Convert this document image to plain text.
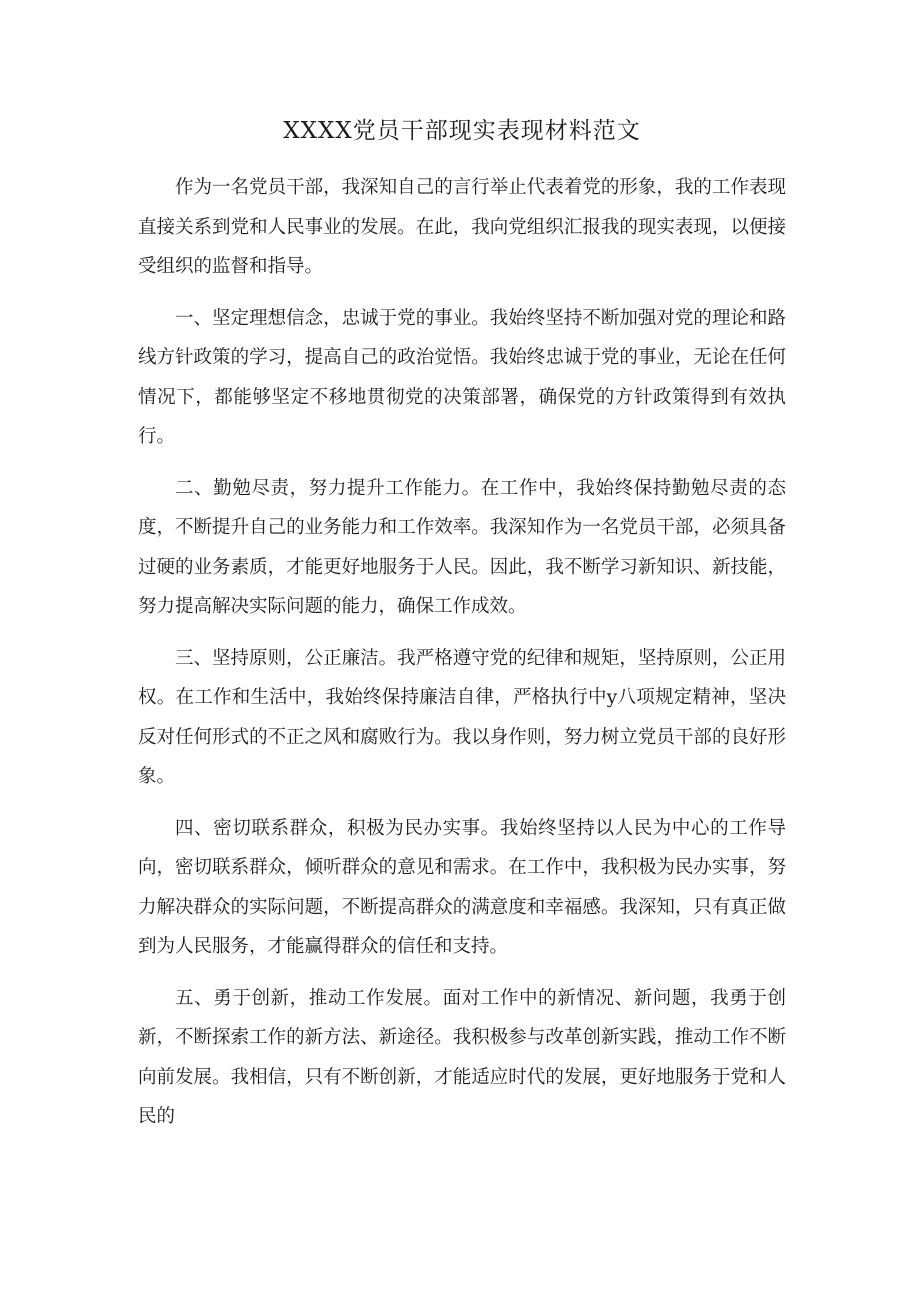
XXXX党员干部现实表现材料范文

作为一名党员干部，我深知自己的言行举止代表着党的形象，我的工作表现直接关系到党和人民事业的发展。在此，我向党组织汇报我的现实表现，以便接受组织的监督和指导。

一、坚定理想信念，忠诚于党的事业。我始终坚持不断加强对党的理论和路线方针政策的学习，提高自己的政治觉悟。我始终忠诚于党的事业，无论在任何情况下，都能够坚定不移地贯彻党的决策部署，确保党的方针政策得到有效执行。

二、勤勉尽责，努力提升工作能力。在工作中，我始终保持勤勉尽责的态度，不断提升自己的业务能力和工作效率。我深知作为一名党员干部，必须具备过硬的业务素质，才能更好地服务于人民。因此，我不断学习新知识、新技能，努力提高解决实际问题的能力，确保工作成效。

三、坚持原则，公正廉洁。我严格遵守党的纪律和规矩，坚持原则，公正用权。在工作和生活中，我始终保持廉洁自律，严格执行中y八项规定精神，坚决反对任何形式的不正之风和腐败行为。我以身作则，努力树立党员干部的良好形象。

四、密切联系群众，积极为民办实事。我始终坚持以人民为中心的工作导向，密切联系群众，倾听群众的意见和需求。在工作中，我积极为民办实事，努力解决群众的实际问题，不断提高群众的满意度和幸福感。我深知，只有真正做到为人民服务，才能赢得群众的信任和支持。

五、勇于创新，推动工作发展。面对工作中的新情况、新问题，我勇于创新，不断探索工作的新方法、新途径。我积极参与改革创新实践，推动工作不断向前发展。我相信，只有不断创新，才能适应时代的发展，更好地服务于党和人民的
